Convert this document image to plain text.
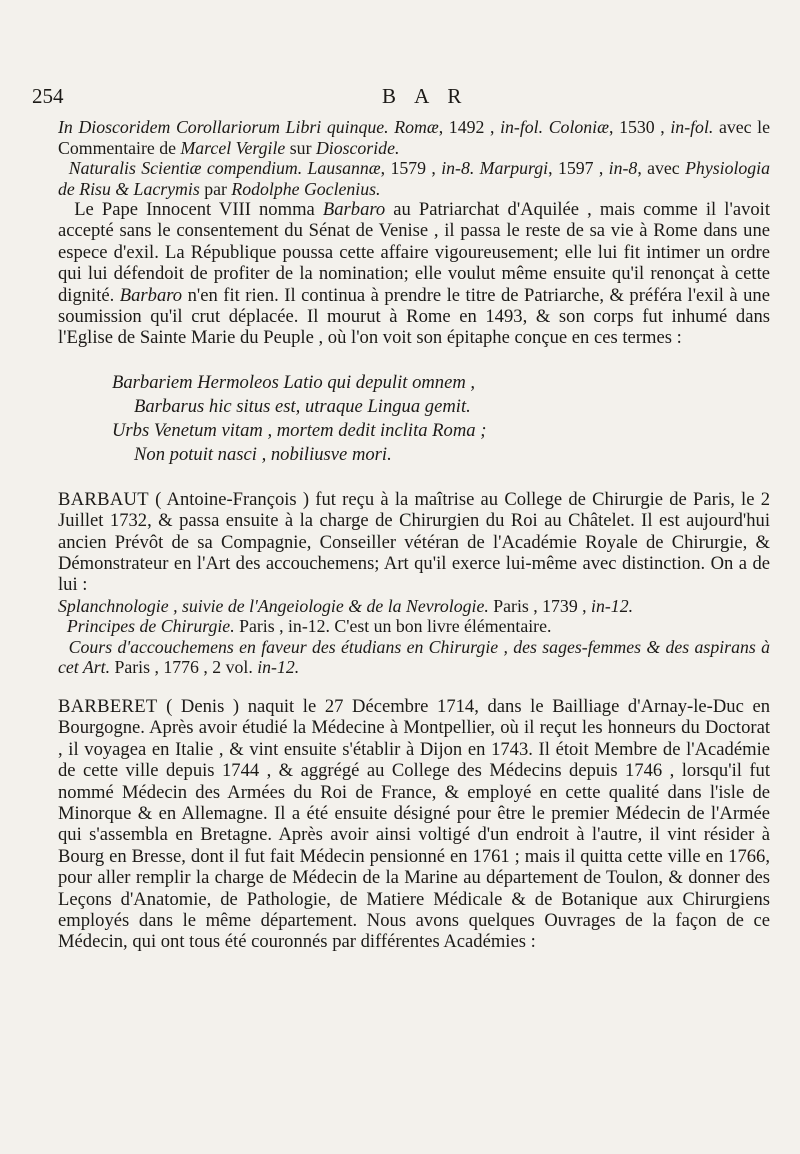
254	B A R

In Dioscoridem Corollariorum Libri quinque. Romæ, 1492 , in-fol. Coloniæ, 1530 , in-fol. avec le Commentaire de Marcel Vergile sur Dioscoride.

Naturalis Scientiæ compendium. Lausannæ, 1579 , in-8. Marpurgi, 1597 , in-8, avec Physiologia de Risu & Lacrymis par Rodolphe Goclenius.

Le Pape Innocent VIII nomma Barbaro au Patriarchat d'Aquilée , mais comme il l'avoit accepté sans le consentement du Sénat de Venise , il passa le reste de sa vie à Rome dans une espece d'exil. La République poussa cette affaire vigoureusement; elle lui fit intimer un ordre qui lui défendoit de profiter de la nomination; elle voulut même ensuite qu'il renonçat à cette dignité. Barbaro n'en fit rien. Il continua à prendre le titre de Patriarche, & préféra l'exil à une soumission qu'il crut déplacée. Il mourut à Rome en 1493, & son corps fut inhumé dans l'Eglise de Sainte Marie du Peuple , où l'on voit son épitaphe conçue en ces termes :

Barbariem Hermoleos Latio qui depulit omnem ,
Barbarus hic situs est, utraque Lingua gemit.
Urbs Venetum vitam , mortem dedit inclita Roma ;
Non potuit nasci , nobiliusve mori.

BARBAUT ( Antoine-François ) fut reçu à la maîtrise au College de Chirurgie de Paris, le 2 Juillet 1732, & passa ensuite à la charge de Chirurgien du Roi au Châtelet. Il est aujourd'hui ancien Prévôt de sa Compagnie, Conseiller vétéran de l'Académie Royale de Chirurgie, & Démonstrateur en l'Art des accouchemens; Art qu'il exerce lui-même avec distinction. On a de lui :

Splanchnologie , suivie de l'Angeiologie & de la Nevrologie. Paris , 1739 , in-12.

Principes de Chirurgie. Paris , in-12. C'est un bon livre élémentaire.

Cours d'accouchemens en faveur des étudians en Chirurgie , des sages-femmes & des aspirans à cet Art. Paris , 1776 , 2 vol. in-12.

BARBERET ( Denis ) naquit le 27 Décembre 1714, dans le Bailliage d'Arnay-le-Duc en Bourgogne. Après avoir étudié la Médecine à Montpellier, où il reçut les honneurs du Doctorat , il voyagea en Italie , & vint ensuite s'établir à Dijon en 1743. Il étoit Membre de l'Académie de cette ville depuis 1744 , & aggrégé au College des Médecins depuis 1746 , lorsqu'il fut nommé Médecin des Armées du Roi de France, & employé en cette qualité dans l'isle de Minorque & en Allemagne. Il a été ensuite désigné pour être le premier Médecin de l'Armée qui s'assembla en Bretagne. Après avoir ainsi voltigé d'un endroit à l'autre, il vint résider à Bourg en Bresse, dont il fut fait Médecin pensionné en 1761 ; mais il quitta cette ville en 1766, pour aller remplir la charge de Médecin de la Marine au département de Toulon, & donner des Leçons d'Anatomie, de Pathologie, de Matiere Médicale & de Botanique aux Chirurgiens employés dans le même département. Nous avons quelques Ouvrages de la façon de ce Médecin, qui ont tous été couronnés par différentes Académies :
